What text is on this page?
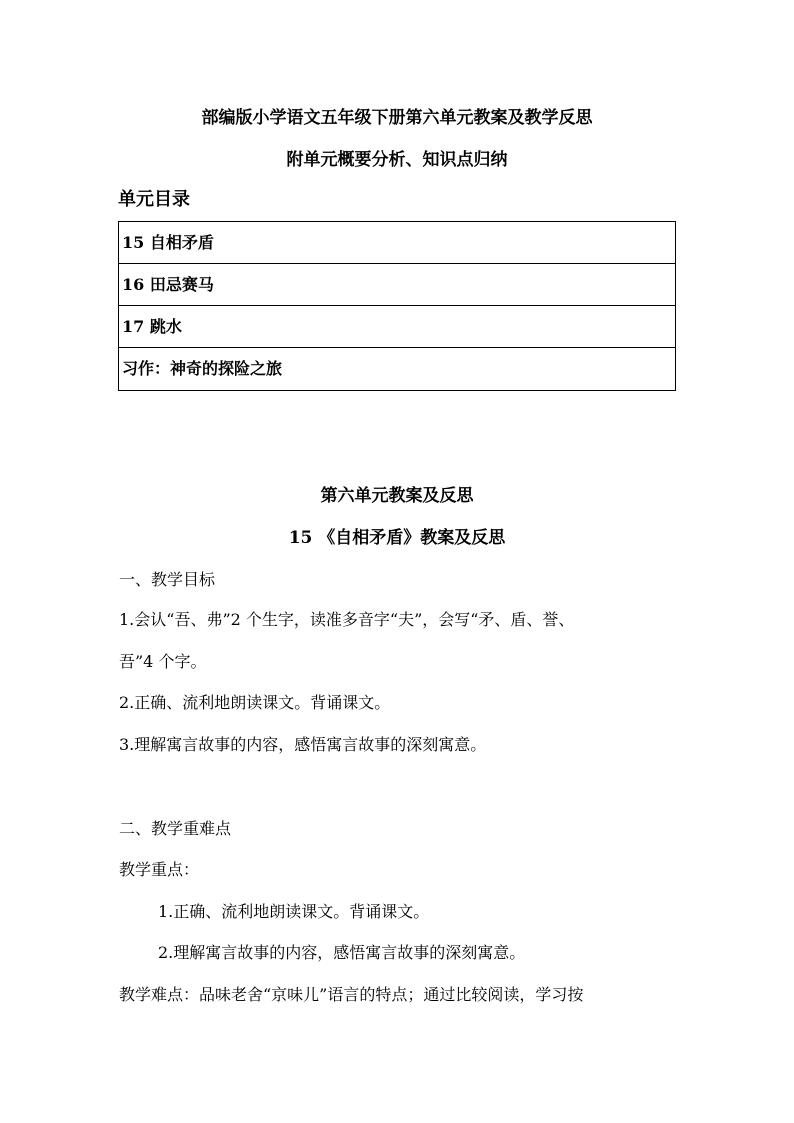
部编版小学语文五年级下册第六单元教案及教学反思
附单元概要分析、知识点归纳
单元目录
15 自相矛盾
16 田忌赛马
17 跳水
习作：神奇的探险之旅
第六单元教案及反思
15 《自相矛盾》教案及反思
一、教学目标
1.会认“吾、弗”2 个生字，读准多音字“夫”，会写“矛、盾、誉、
吾”4 个字。
2.正确、流利地朗读课文。背诵课文。
3.理解寓言故事的内容，感悟寓言故事的深刻寓意。
二、教学重难点
教学重点：
1.正确、流利地朗读课文。背诵课文。
2.理解寓言故事的内容，感悟寓言故事的深刻寓意。
教学难点：品味老舍“京味儿”语言的特点；通过比较阅读，学习按
